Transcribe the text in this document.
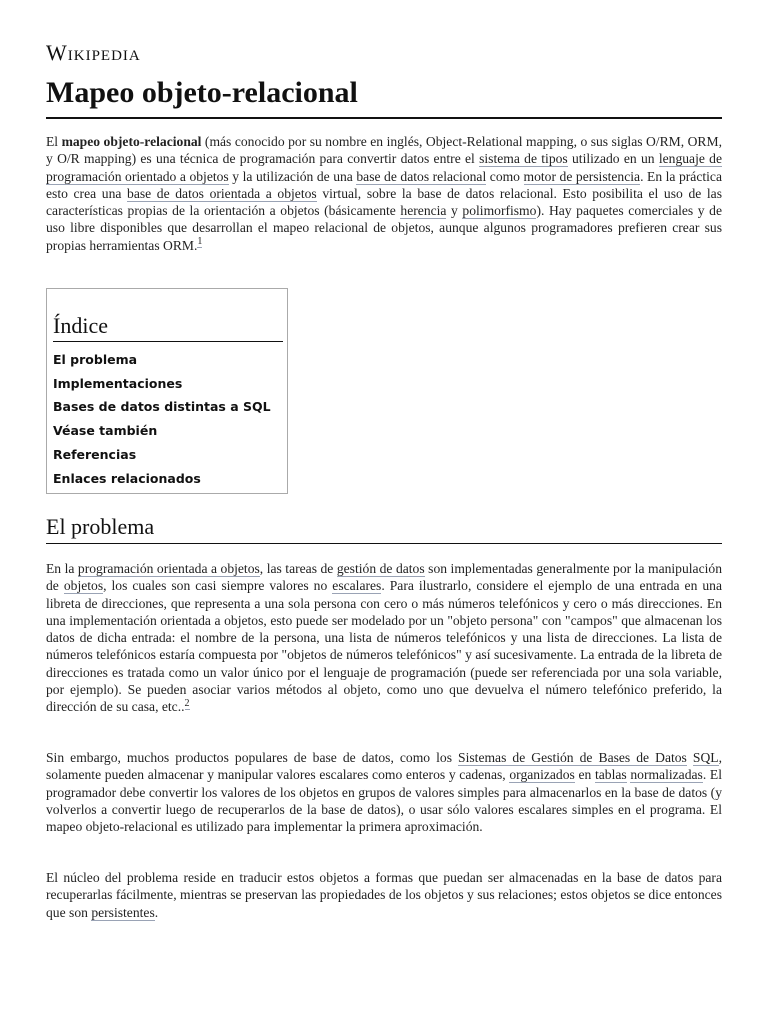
Wikipedia
Mapeo objeto-relacional

El mapeo objeto-relacional (más conocido por su nombre en inglés, Object-Relational mapping, o sus siglas O/RM, ORM, y O/R mapping) es una técnica de programación para convertir datos entre el sistema de tipos utilizado en un lenguaje de programación orientado a objetos y la utilización de una base de datos relacional como motor de persistencia. En la práctica esto crea una base de datos orientada a objetos virtual, sobre la base de datos relacional. Esto posibilita el uso de las características propias de la orientación a objetos (básicamente herencia y polimorfismo). Hay paquetes comerciales y de uso libre disponibles que desarrollan el mapeo relacional de objetos, aunque algunos programadores prefieren crear sus propias herramientas ORM.$^1$

Índice
El problema
Implementaciones
Bases de datos distintas a SQL
Véase también
Referencias
Enlaces relacionados
El problema

En la programación orientada a objetos, las tareas de gestión de datos son implementadas generalmente por la manipulación de objetos, los cuales son casi siempre valores no escalares. Para ilustrarlo, considere el ejemplo de una entrada en una libreta de direcciones, que representa a una sola persona con cero o más números telefónicos y cero o más direcciones. En una implementación orientada a objetos, esto puede ser modelado por un "objeto persona" con "campos" que almacenan los datos de dicha entrada: el nombre de la persona, una lista de números telefónicos y una lista de direcciones. La lista de números telefónicos estaría compuesta por "objetos de números telefónicos" y así sucesivamente. La entrada de la libreta de direcciones es tratada como un valor único por el lenguaje de programación (puede ser referenciada por una sola variable, por ejemplo). Se pueden asociar varios métodos al objeto, como uno que devuelva el número telefónico preferido, la dirección de su casa, etc..$^2$

Sin embargo, muchos productos populares de base de datos, como los Sistemas de Gestión de Bases de Datos SQL, solamente pueden almacenar y manipular valores escalares como enteros y cadenas, organizados en tablas normalizadas. El programador debe convertir los valores de los objetos en grupos de valores simples para almacenarlos en la base de datos (y volverlos a convertir luego de recuperarlos de la base de datos), o usar sólo valores escalares simples en el programa. El mapeo objeto-relacional es utilizado para implementar la primera aproximación.

El núcleo del problema reside en traducir estos objetos a formas que puedan ser almacenadas en la base de datos para recuperarlas fácilmente, mientras se preservan las propiedades de los objetos y sus relaciones; estos objetos se dice entonces que son persistentes.
